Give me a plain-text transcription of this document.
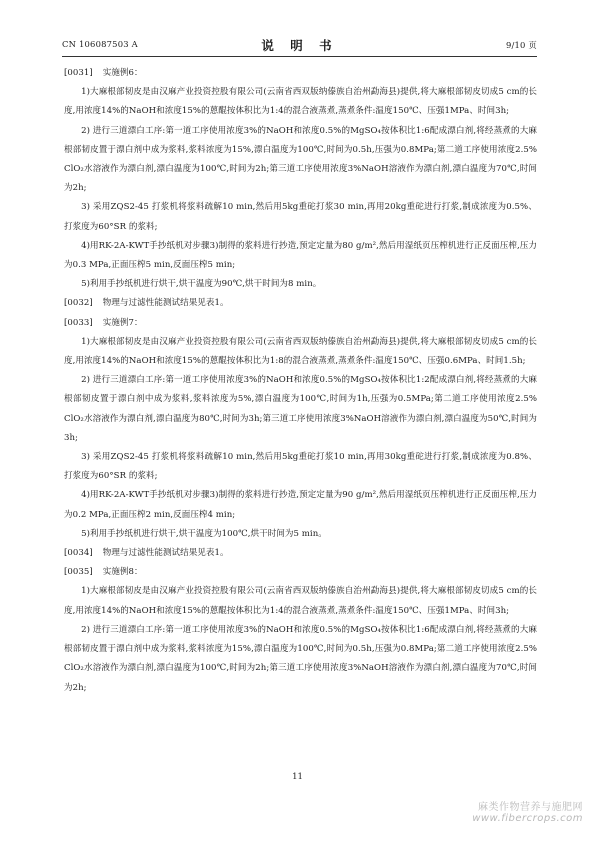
CN 106087503 A	说 明 书	9/10 页

[0031] 实施例6：

1)大麻根部韧皮是由汉麻产业投资控股有限公司(云南省西双版纳傣族自治州勐海县)提供,将大麻根部韧皮切成5 cm的长度,用浓度14%的NaOH和浓度15%的蒽醌按体积比为1:4的混合液蒸煮,蒸煮条件:温度150℃、压强1MPa、时间3h;

2) 进行三道漂白工序:第一道工序使用浓度3%的NaOH和浓度0.5%的MgSO₄按体积比1:6配成漂白剂,将经蒸煮的大麻根部韧皮置于漂白剂中成为浆料,浆料浓度为15%,漂白温度为100℃,时间为0.5h,压强为0.8MPa;第二道工序使用浓度2.5% ClO₂水溶液作为漂白剂,漂白温度为100℃,时间为2h;第三道工序使用浓度3%NaOH溶液作为漂白剂,漂白温度为70℃,时间为2h;

3) 采用ZQS2-45 打浆机将浆料疏解10 min,然后用5kg重砣打浆30 min,再用20kg重砣进行打浆,制成浓度为0.5%、打浆度为60°SR 的浆料;

4)用RK-2A-KWT手抄纸机对步骤3)制得的浆料进行抄造,预定定量为80 g/m²,然后用湿纸页压榨机进行正反面压榨,压力为0.3 MPa,正面压榨5 min,反面压榨5 min;

5)利用手抄纸机进行烘干,烘干温度为90℃,烘干时间为8 min。

[0032] 物理与过滤性能测试结果见表1。

[0033] 实施例7：

1)大麻根部韧皮是由汉麻产业投资控股有限公司(云南省西双版纳傣族自治州勐海县)提供,将大麻根部韧皮切成5 cm的长度,用浓度14%的NaOH和浓度15%的蒽醌按体积比为1:8的混合液蒸煮,蒸煮条件:温度150℃、压强0.6MPa、时间1.5h;

2) 进行三道漂白工序:第一道工序使用浓度3%的NaOH和浓度0.5%的MgSO₄按体积比1:2配成漂白剂,将经蒸煮的大麻根部韧皮置于漂白剂中成为浆料,浆料浓度为5%,漂白温度为100℃,时间为1h,压强为0.5MPa;第二道工序使用浓度2.5% ClO₂水溶液作为漂白剂,漂白温度为80℃,时间为3h;第三道工序使用浓度3%NaOH溶液作为漂白剂,漂白温度为50℃,时间为3h;

3) 采用ZQS2-45 打浆机将浆料疏解10 min,然后用5kg重砣打浆10 min,再用30kg重砣进行打浆,制成浓度为0.8%、打浆度为60°SR 的浆料;

4)用RK-2A-KWT手抄纸机对步骤3)制得的浆料进行抄造,预定定量为90 g/m²,然后用湿纸页压榨机进行正反面压榨,压力为0.2 MPa,正面压榨2 min,反面压榨4 min;

5)利用手抄纸机进行烘干,烘干温度为100℃,烘干时间为5 min。

[0034] 物理与过滤性能测试结果见表1。

[0035] 实施例8：

1)大麻根部韧皮是由汉麻产业投资控股有限公司(云南省西双版纳傣族自治州勐海县)提供,将大麻根部韧皮切成5 cm的长度,用浓度14%的NaOH和浓度15%的蒽醌按体积比为1:4的混合液蒸煮,蒸煮条件:温度150℃、压强1MPa、时间3h;

2) 进行三道漂白工序:第一道工序使用浓度3%的NaOH和浓度0.5%的MgSO₄按体积比1:6配成漂白剂,将经蒸煮的大麻根部韧皮置于漂白剂中成为浆料,浆料浓度为15%,漂白温度为100℃,时间为0.5h,压强为0.8MPa;第二道工序使用浓度2.5% ClO₂水溶液作为漂白剂,漂白温度为100℃,时间为2h;第三道工序使用浓度3%NaOH溶液作为漂白剂,漂白温度为70℃,时间为2h;

11
麻类作物营养与施肥网
www.fibercrops.com
